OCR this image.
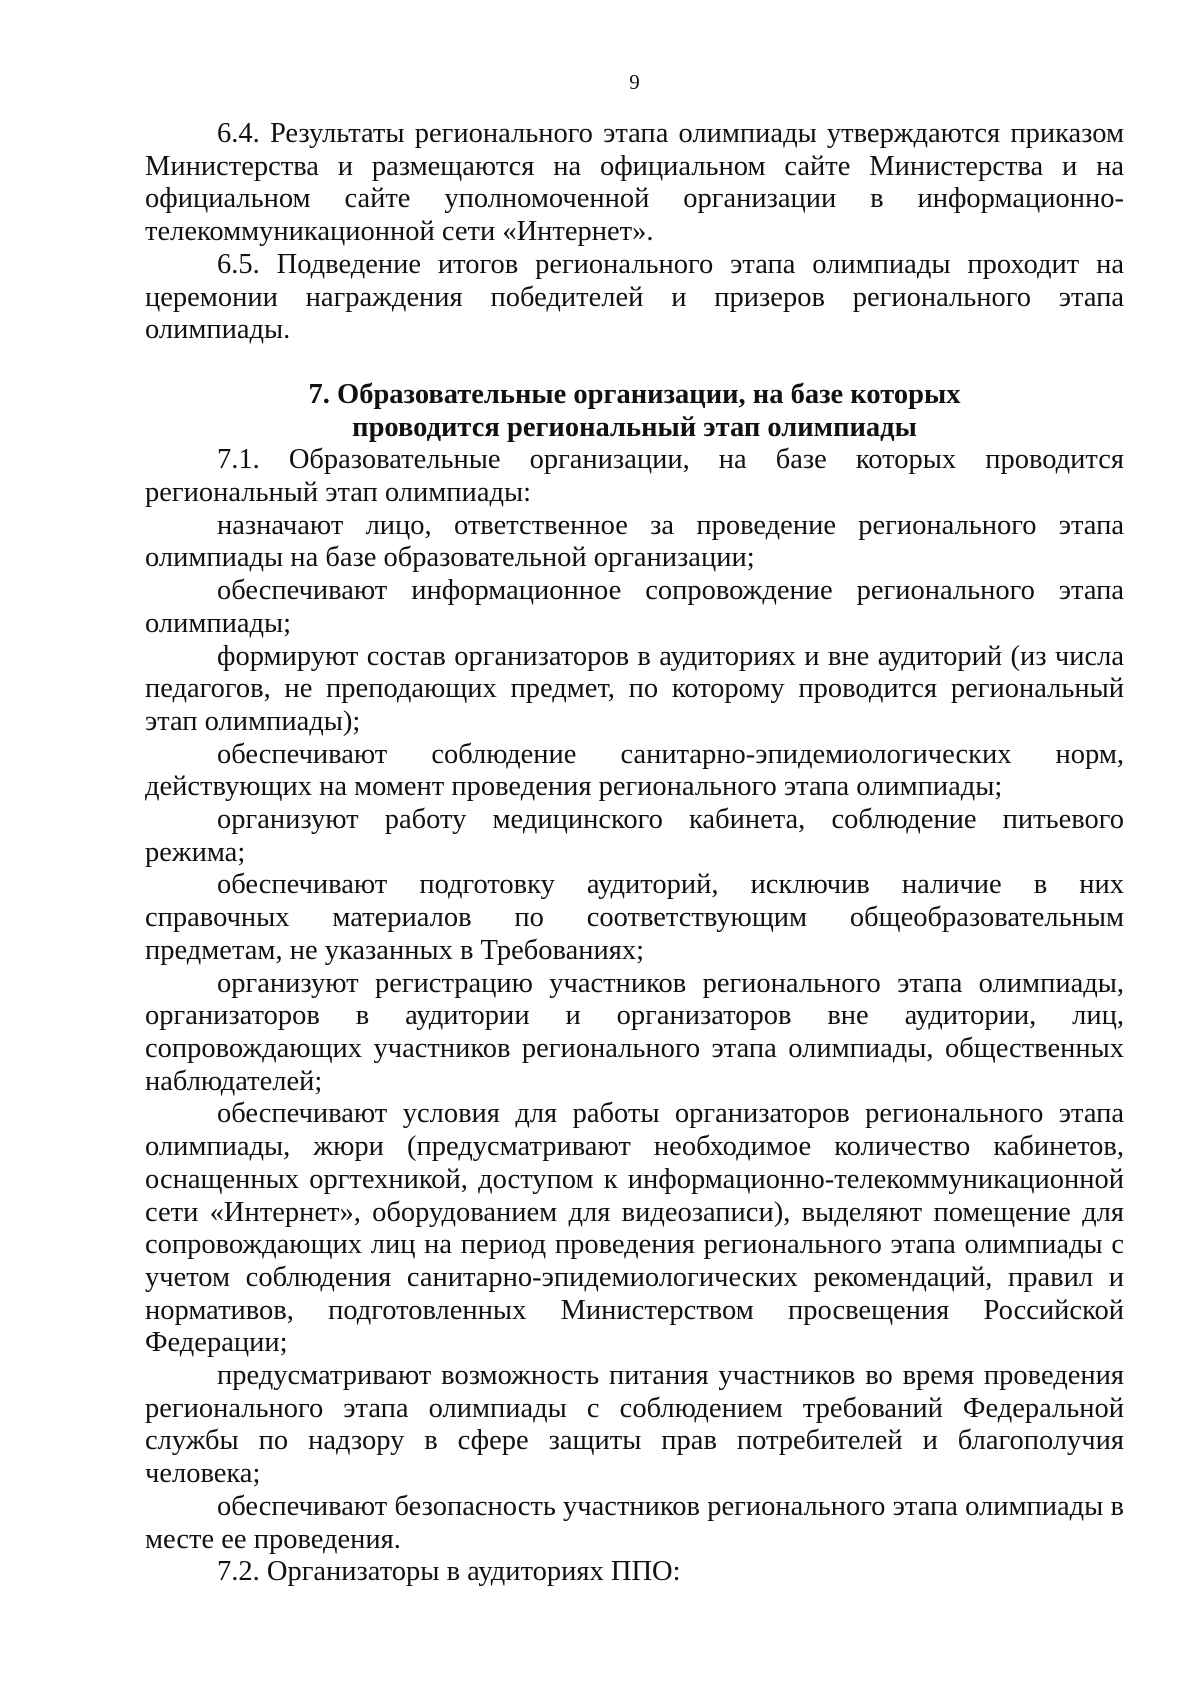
9

6.4. Результаты регионального этапа олимпиады утверждаются приказом Министерства и размещаются на официальном сайте Министерства и на официальном сайте уполномоченной организации в информационно-телекоммуникационной сети «Интернет».

6.5. Подведение итогов регионального этапа олимпиады проходит на церемонии награждения победителей и призеров регионального этапа олимпиады.

7. Образовательные организации, на базе которых
проводится региональный этап олимпиады

7.1. Образовательные организации, на базе которых проводится региональный этап олимпиады:

назначают лицо, ответственное за проведение регионального этапа олимпиады на базе образовательной организации;

обеспечивают информационное сопровождение регионального этапа олимпиады;

формируют состав организаторов в аудиториях и вне аудиторий (из числа педагогов, не преподающих предмет, по которому проводится региональный этап олимпиады);

обеспечивают соблюдение санитарно-эпидемиологических норм, действующих на момент проведения регионального этапа олимпиады;

организуют работу медицинского кабинета, соблюдение питьевого режима;

обеспечивают подготовку аудиторий, исключив наличие в них справочных материалов по соответствующим общеобразовательным предметам, не указанных в Требованиях;

организуют регистрацию участников регионального этапа олимпиады, организаторов в аудитории и организаторов вне аудитории, лиц, сопровождающих участников регионального этапа олимпиады, общественных наблюдателей;

обеспечивают условия для работы организаторов регионального этапа олимпиады, жюри (предусматривают необходимое количество кабинетов, оснащенных оргтехникой, доступом к информационно-телекоммуникационной сети «Интернет», оборудованием для видеозаписи), выделяют помещение для сопровождающих лиц на период проведения регионального этапа олимпиады с учетом соблюдения санитарно-эпидемиологических рекомендаций, правил и нормативов, подготовленных Министерством просвещения Российской Федерации;

предусматривают возможность питания участников во время проведения регионального этапа олимпиады с соблюдением требований Федеральной службы по надзору в сфере защиты прав потребителей и благополучия человека;

обеспечивают безопасность участников регионального этапа олимпиады в месте ее проведения.

7.2. Организаторы в аудиториях ППО:
